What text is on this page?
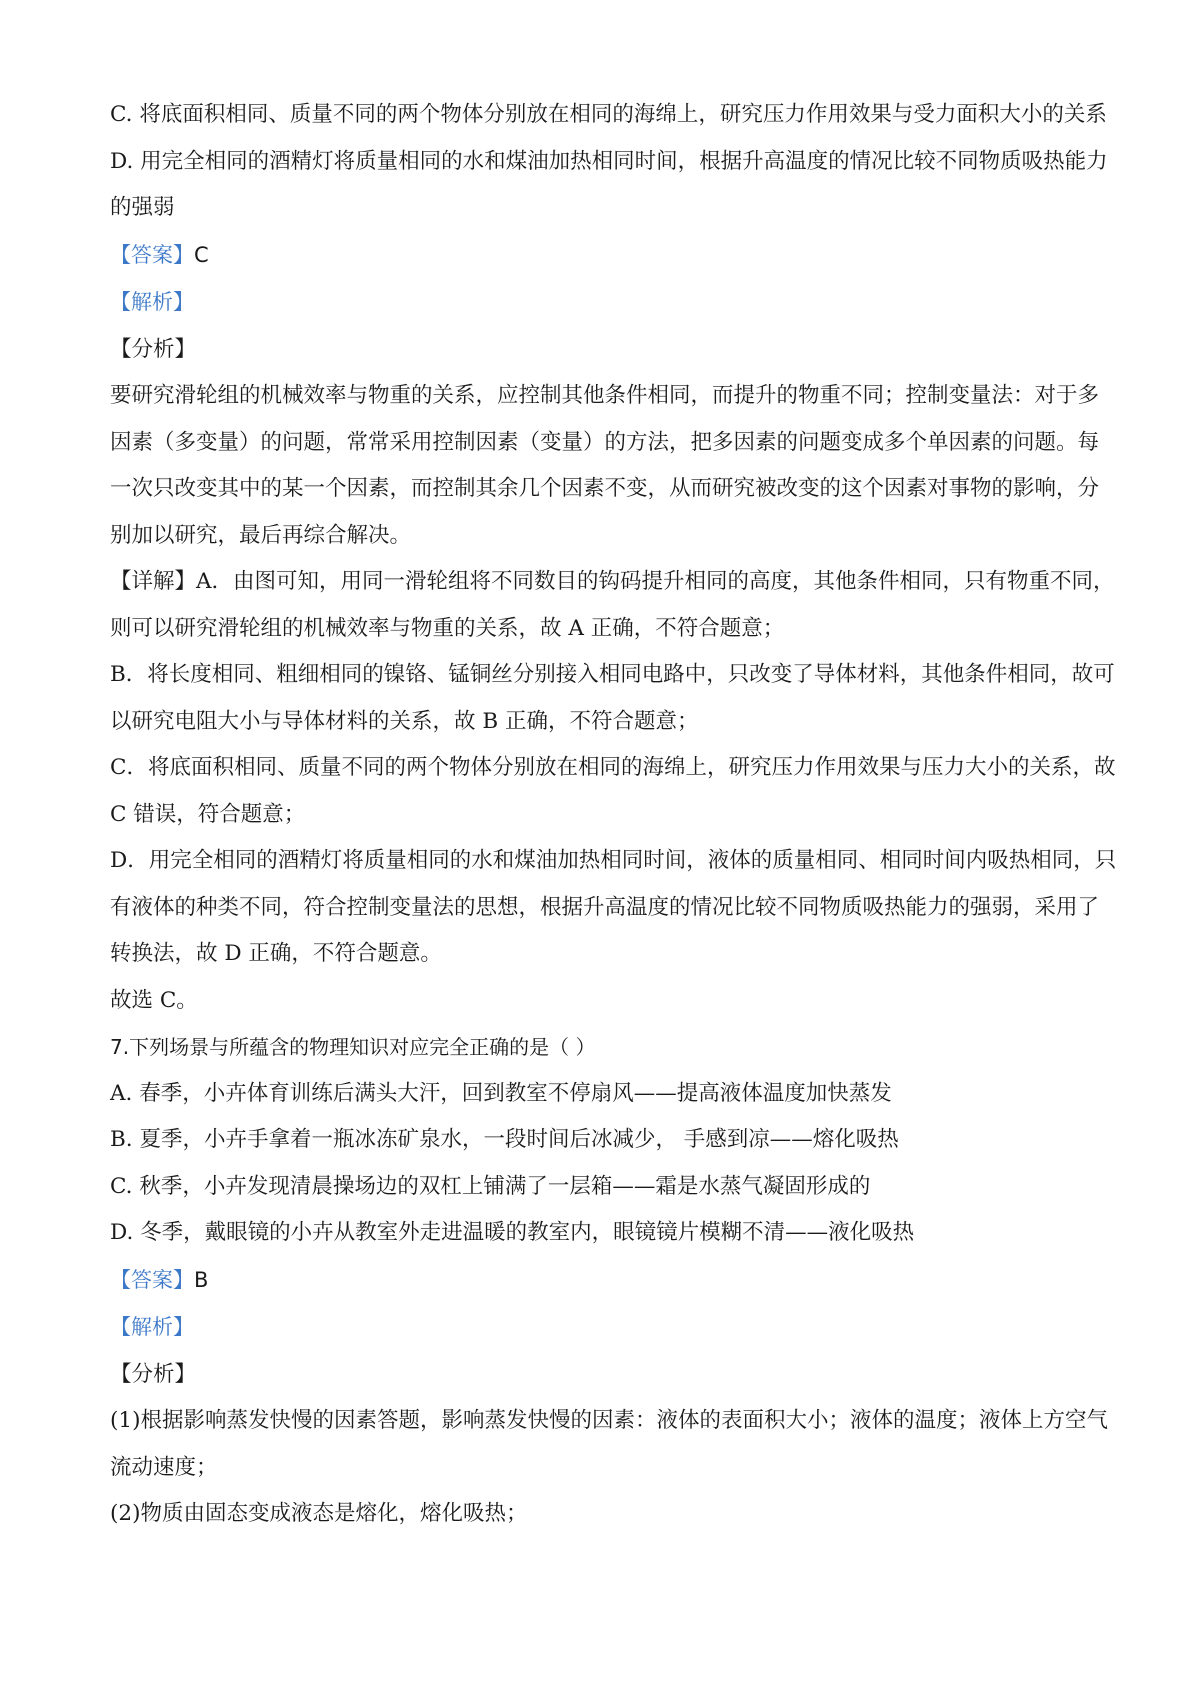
C. 将底面积相同、质量不同的两个物体分别放在相同的海绵上，研究压力作用效果与受力面积大小的关系

D. 用完全相同的酒精灯将质量相同的水和煤油加热相同时间，根据升高温度的情况比较不同物质吸热能力

的强弱

【答案】C

【解析】

【分析】

要研究滑轮组的机械效率与物重的关系，应控制其他条件相同，而提升的物重不同；控制变量法：对于多

因素（多变量）的问题，常常采用控制因素（变量）的方法，把多因素的问题变成多个单因素的问题。每

一次只改变其中的某一个因素，而控制其余几个因素不变，从而研究被改变的这个因素对事物的影响，分

别加以研究，最后再综合解决。

【详解】A．由图可知，用同一滑轮组将不同数目的钩码提升相同的高度，其他条件相同，只有物重不同，

则可以研究滑轮组的机械效率与物重的关系，故 A 正确，不符合题意；

B．将长度相同、粗细相同的镍铬、锰铜丝分别接入相同电路中，只改变了导体材料，其他条件相同，故可

以研究电阻大小与导体材料的关系，故 B 正确，不符合题意；

C．将底面积相同、质量不同的两个物体分别放在相同的海绵上，研究压力作用效果与压力大小的关系，故

C 错误，符合题意；

D．用完全相同的酒精灯将质量相同的水和煤油加热相同时间，液体的质量相同、相同时间内吸热相同，只

有液体的种类不同，符合控制变量法的思想，根据升高温度的情况比较不同物质吸热能力的强弱，采用了

转换法，故 D 正确，不符合题意。

故选 C。

7.下列场景与所蕴含的物理知识对应完全正确的是（ ）

A. 春季，小卉体育训练后满头大汗，回到教室不停扇风——提高液体温度加快蒸发

B. 夏季，小卉手拿着一瓶冰冻矿泉水，一段时间后冰减少， 手感到凉——熔化吸热

C. 秋季，小卉发现清晨操场边的双杠上铺满了一层箱——霜是水蒸气凝固形成的

D. 冬季，戴眼镜的小卉从教室外走进温暖的教室内，眼镜镜片模糊不清——液化吸热

【答案】B

【解析】

【分析】

(1)根据影响蒸发快慢的因素答题，影响蒸发快慢的因素：液体的表面积大小；液体的温度；液体上方空气

流动速度；

(2)物质由固态变成液态是熔化，熔化吸热；
